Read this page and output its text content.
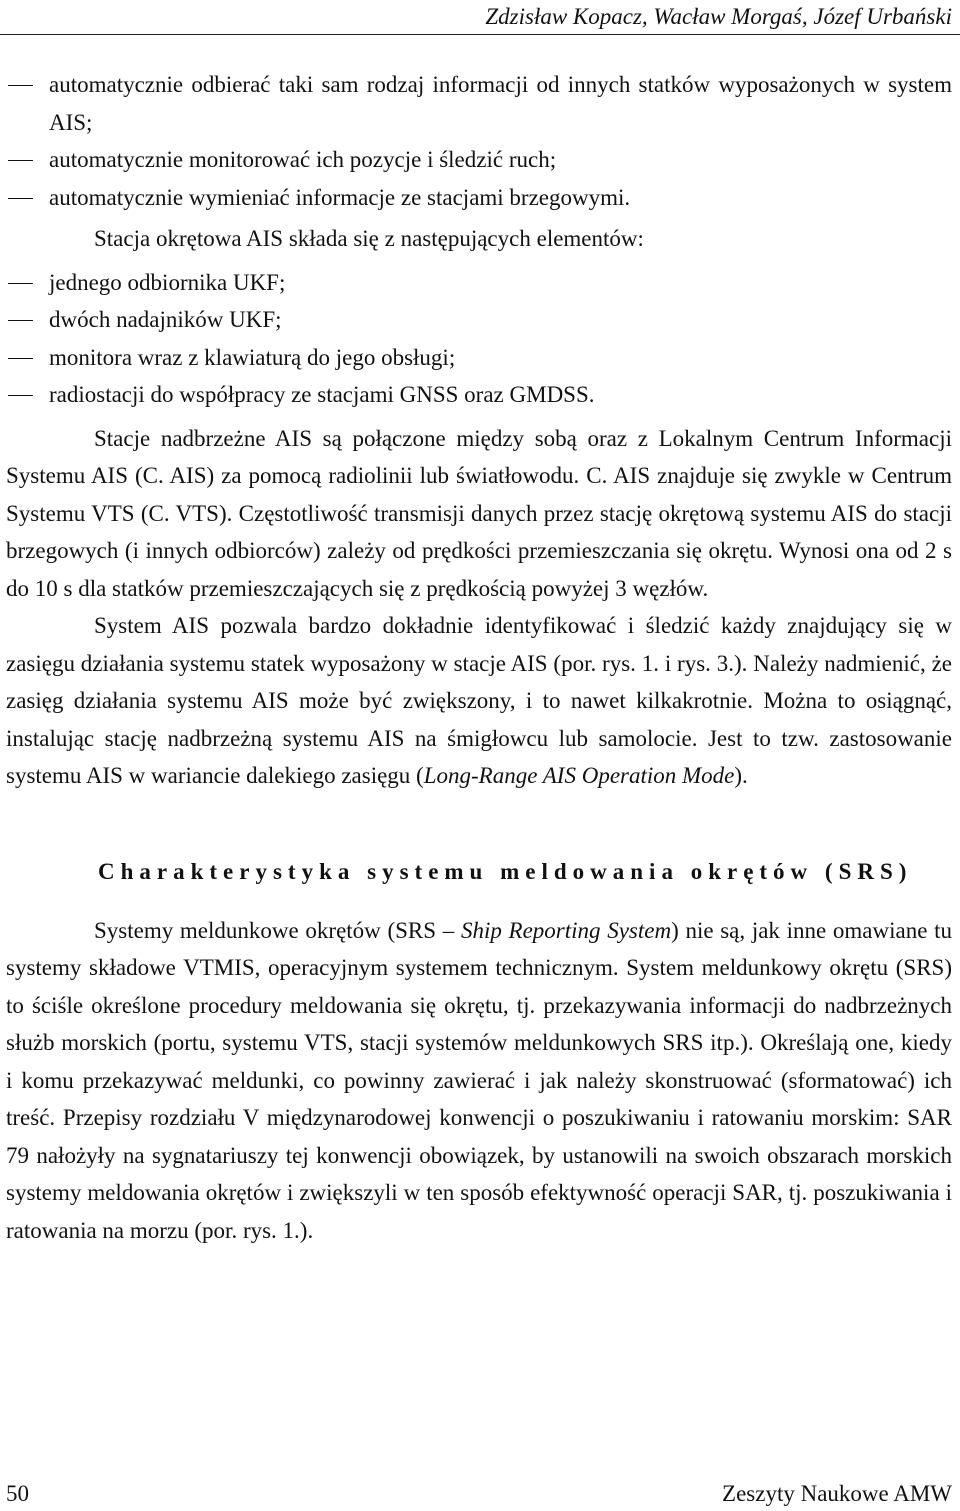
Zdzisław Kopacz, Wacław Morgaś, Józef Urbański
automatycznie odbierać taki sam rodzaj informacji od innych statków wyposażonych w system AIS;
automatycznie monitorować ich pozycje i śledzić ruch;
automatycznie wymieniać informacje ze stacjami brzegowymi.

Stacja okrętowa AIS składa się z następujących elementów:

jednego odbiornika UKF;
dwóch nadajników UKF;
monitora wraz z klawiaturą do jego obsługi;
radiostacji do współpracy ze stacjami GNSS oraz GMDSS.

Stacje nadbrzeżne AIS są połączone między sobą oraz z Lokalnym Centrum Informacji Systemu AIS (C. AIS) za pomocą radiolinii lub światłowodu. C. AIS znajduje się zwykle w Centrum Systemu VTS (C. VTS). Częstotliwość transmisji danych przez stację okrętową systemu AIS do stacji brzegowych (i innych odbiorców) zależy od prędkości przemieszczania się okrętu. Wynosi ona od 2 s do 10 s dla statków przemieszczających się z prędkością powyżej 3 węzłów.

System AIS pozwala bardzo dokładnie identyfikować i śledzić każdy znajdujący się w zasięgu działania systemu statek wyposażony w stacje AIS (por. rys. 1. i rys. 3.). Należy nadmienić, że zasięg działania systemu AIS może być zwiększony, i to nawet kilkakrotnie. Można to osiągnąć, instalując stację nadbrzeżną systemu AIS na śmigłowcu lub samolocie. Jest to tzw. zastosowanie systemu AIS w wariancie dalekiego zasięgu (Long-Range AIS Operation Mode).

Charakterystyka systemu meldowania okrętów (SRS)

Systemy meldunkowe okrętów (SRS – Ship Reporting System) nie są, jak inne omawiane tu systemy składowe VTMIS, operacyjnym systemem technicznym. System meldunkowy okrętu (SRS) to ściśle określone procedury meldowania się okrętu, tj. przekazywania informacji do nadbrzeżnych służb morskich (portu, systemu VTS, stacji systemów meldunkowych SRS itp.). Określają one, kiedy i komu przekazywać meldunki, co powinny zawierać i jak należy skonstruować (sformatować) ich treść. Przepisy rozdziału V międzynarodowej konwencji o poszukiwaniu i ratowaniu morskim: SAR 79 nałożyły na sygnatariuszy tej konwencji obowiązek, by ustanowili na swoich obszarach morskich systemy meldowania okrętów i zwiększyli w ten sposób efektywność operacji SAR, tj. poszukiwania i ratowania na morzu (por. rys. 1.).

50	Zeszyty Naukowe AMW
